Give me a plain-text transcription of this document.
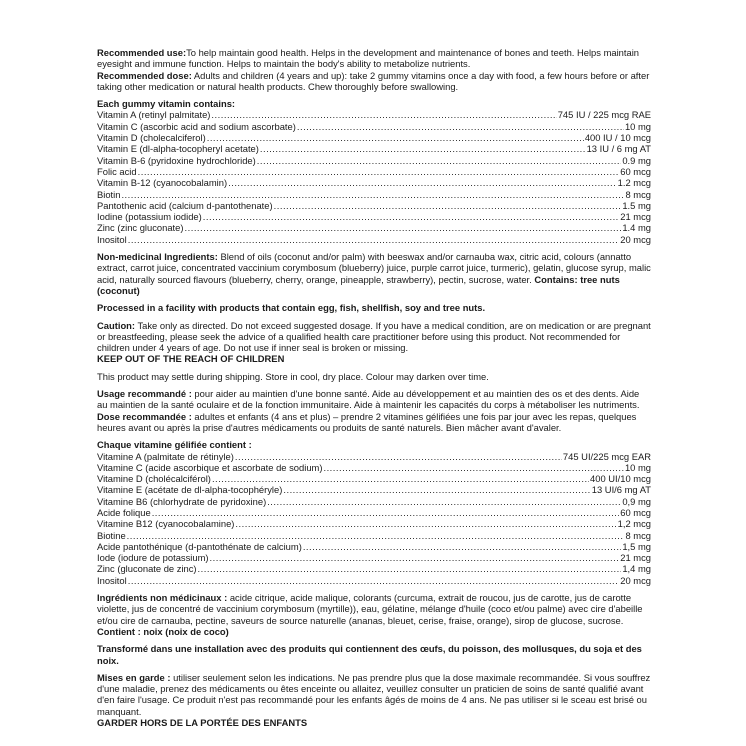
Recommended use:To help maintain good health. Helps in the development and maintenance of bones and teeth. Helps maintain eyesight and immune function. Helps to maintain the body's ability to metabolize nutrients.

Recommended dose: Adults and children (4 years and up): take 2 gummy vitamins once a day with food, a few hours before or after taking other medication or natural health products. Chew thoroughly before swallowing.

Each gummy vitamin contains:

Vitamin A (retinyl palmitate) .....	745 IU / 225 mcg RAE
Vitamin C (ascorbic acid and sodium ascorbate) .....	10 mg
Vitamin D (cholecalciferol) .....	400 IU / 10 mcg
Vitamin E (dl-alpha-tocopheryl acetate) .....	13 IU / 6 mg AT
Vitamin B-6 (pyridoxine hydrochloride) .....	0.9 mg
Folic acid .....	60 mcg
Vitamin B-12 (cyanocobalamin) .....	1.2 mcg
Biotin .....	8 mcg
Pantothenic acid (calcium d-pantothenate) .....	1.5 mg
Iodine (potassium iodide) .....	21 mcg
Zinc (zinc gluconate) .....	1.4 mg
Inositol .....	20 mcg

Non-medicinal Ingredients: Blend of oils (coconut and/or palm) with beeswax and/or carnauba wax, citric acid, colours (annatto extract, carrot juice, concentrated vaccinium corymbosum (blueberry) juice, purple carrot juice, turmeric), gelatin, glucose syrup, malic acid, naturally sourced flavours (blueberry, cherry, orange, pineapple, strawberry), pectin, sucrose, water. Contains: tree nuts (coconut)

Processed in a facility with products that contain egg, fish, shellfish, soy and tree nuts.

Caution: Take only as directed. Do not exceed suggested dosage. If you have a medical condition, are on medication or are pregnant or breastfeeding, please seek the advice of a qualified health care practitioner before using this product. Not recommended for children under 4 years of age. Do not use if inner seal is broken or missing.

KEEP OUT OF THE REACH OF CHILDREN

This product may settle during shipping. Store in cool, dry place. Colour may darken over time.

Usage recommandé : pour aider au maintien d'une bonne santé. Aide au développement et au maintien des os et des dents. Aide au maintien de la santé oculaire et de la fonction immunitaire. Aide à maintenir les capacités du corps à métaboliser les nutriments.

Dose recommandée : adultes et enfants (4 ans et plus) – prendre 2 vitamines gélifiées une fois par jour avec les repas, quelques heures avant ou après la prise d'autres médicaments ou produits de santé naturels. Bien mâcher avant d'avaler.

Chaque vitamine gélifiée contient :

Vitamine A (palmitate de rétinyle) .....	745 UI/225 mcg EAR
Vitamine C (acide ascorbique et ascorbate de sodium) .....	10 mg
Vitamine D (cholécalciférol) .....	400 UI/10 mcg
Vitamine E (acétate de dl-alpha-tocophéryle) .....	13 UI/6 mg AT
Vitamine B6 (chlorhydrate de pyridoxine) .....	0,9 mg
Acide folique .....	60 mcg
Vitamine B12 (cyanocobalamine) .....	1,2 mcg
Biotine .....	8 mcg
Acide pantothénique (d-pantothénate de calcium) .....	1,5 mg
Iode (iodure de potassium) .....	21 mcg
Zinc (gluconate de zinc) .....	1,4 mg
Inositol .....	20 mcg

Ingrédients non médicinaux : acide citrique, acide malique, colorants (curcuma, extrait de roucou, jus de carotte, jus de carotte violette, jus de concentré de vaccinium corymbosum (myrtille)), eau, gélatine, mélange d'huile (coco et/ou palme) avec cire d'abeille et/ou cire de carnauba, pectine, saveurs de source naturelle (ananas, bleuet, cerise, fraise, orange), sirop de glucose, sucrose.

Contient : noix (noix de coco)

Transformé dans une installation avec des produits qui contiennent des œufs, du poisson, des mollusques, du soja et des noix.

Mises en garde : utiliser seulement selon les indications. Ne pas prendre plus que la dose maximale recommandée. Si vous souffrez d'une maladie, prenez des médicaments ou êtes enceinte ou allaitez, veuillez consulter un praticien de soins de santé qualifié avant d'en faire l'usage. Ce produit n'est pas recommandé pour les enfants âgés de moins de 4 ans. Ne pas utiliser si le sceau est brisé ou manquant.

GARDER HORS DE LA PORTÉE DES ENFANTS
